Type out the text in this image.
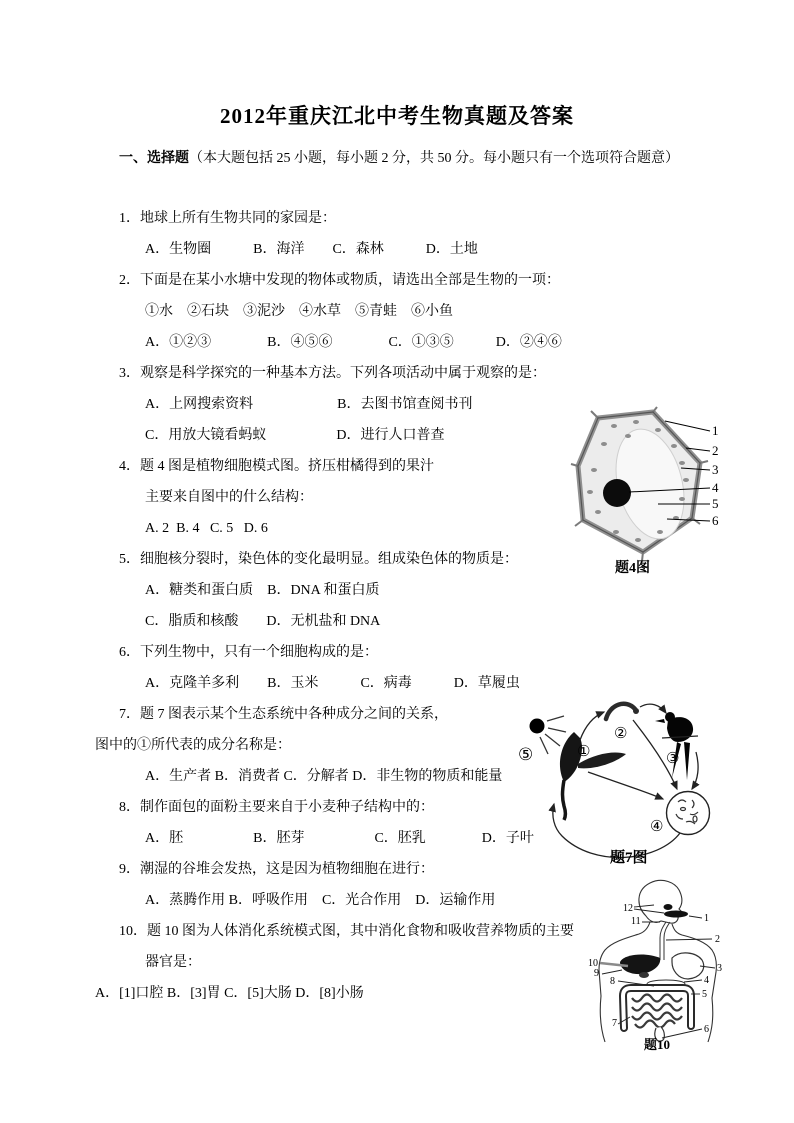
2012年重庆江北中考生物真题及答案
一、选择题（本大题包括 25 小题，每小题 2 分，共 50 分。每小题只有一个选项符合题意）
1．地球上所有生物共同的家园是：
A．生物圈　　　B．海洋　　C．森林　　　D．土地
2．下面是在某小水塘中发现的物体或物质，请选出全部是生物的一项：
①水　②石块　③泥沙　④水草　⑤青蛙　⑥小鱼
A．①②③　　　　B．④⑤⑥　　　　C．①③⑤　　　D．②④⑥
3．观察是科学探究的一种基本方法。下列各项活动中属于观察的是：
A．上网搜索资料　　　　　　B．去图书馆查阅书刊
C．用放大镜看蚂蚁　　　　　D．进行人口普查
4．题 4 图是植物细胞模式图。挤压柑橘得到的果汁
主要来自图中的什么结构：
A. 2  B. 4   C. 5   D. 6
5．细胞核分裂时，染色体的变化最明显。组成染色体的物质是：
A．糖类和蛋白质　B．DNA 和蛋白质
C．脂质和核酸　　D．无机盐和 DNA
6．下列生物中，只有一个细胞构成的是：
A．克隆羊多利　　B．玉米　　　C．病毒　　　D．草履虫
7．题 7 图表示某个生态系统中各种成分之间的关系，
图中的①所代表的成分名称是：
A．生产者 B．消费者 C．分解者 D．非生物的物质和能量
8．制作面包的面粉主要来自于小麦种子结构中的：
A．胚　　　　　B．胚芽　　　　　C．胚乳　　　　D．子叶
9．潮湿的谷堆会发热，这是因为植物细胞在进行：
A．蒸腾作用 B．呼吸作用　C．光合作用　D．运输作用
10．题 10 图为人体消化系统模式图，其中消化食物和吸收营养物质的主要
器官是：
A．[1]口腔 B．[3]胃 C．[5]大肠 D．[8]小肠
1
2
3
4
5
6
题4图
⑤	①
②
③
④
题7图
12
11
10
9
8
7
1
2
3
4
5
6
题10
